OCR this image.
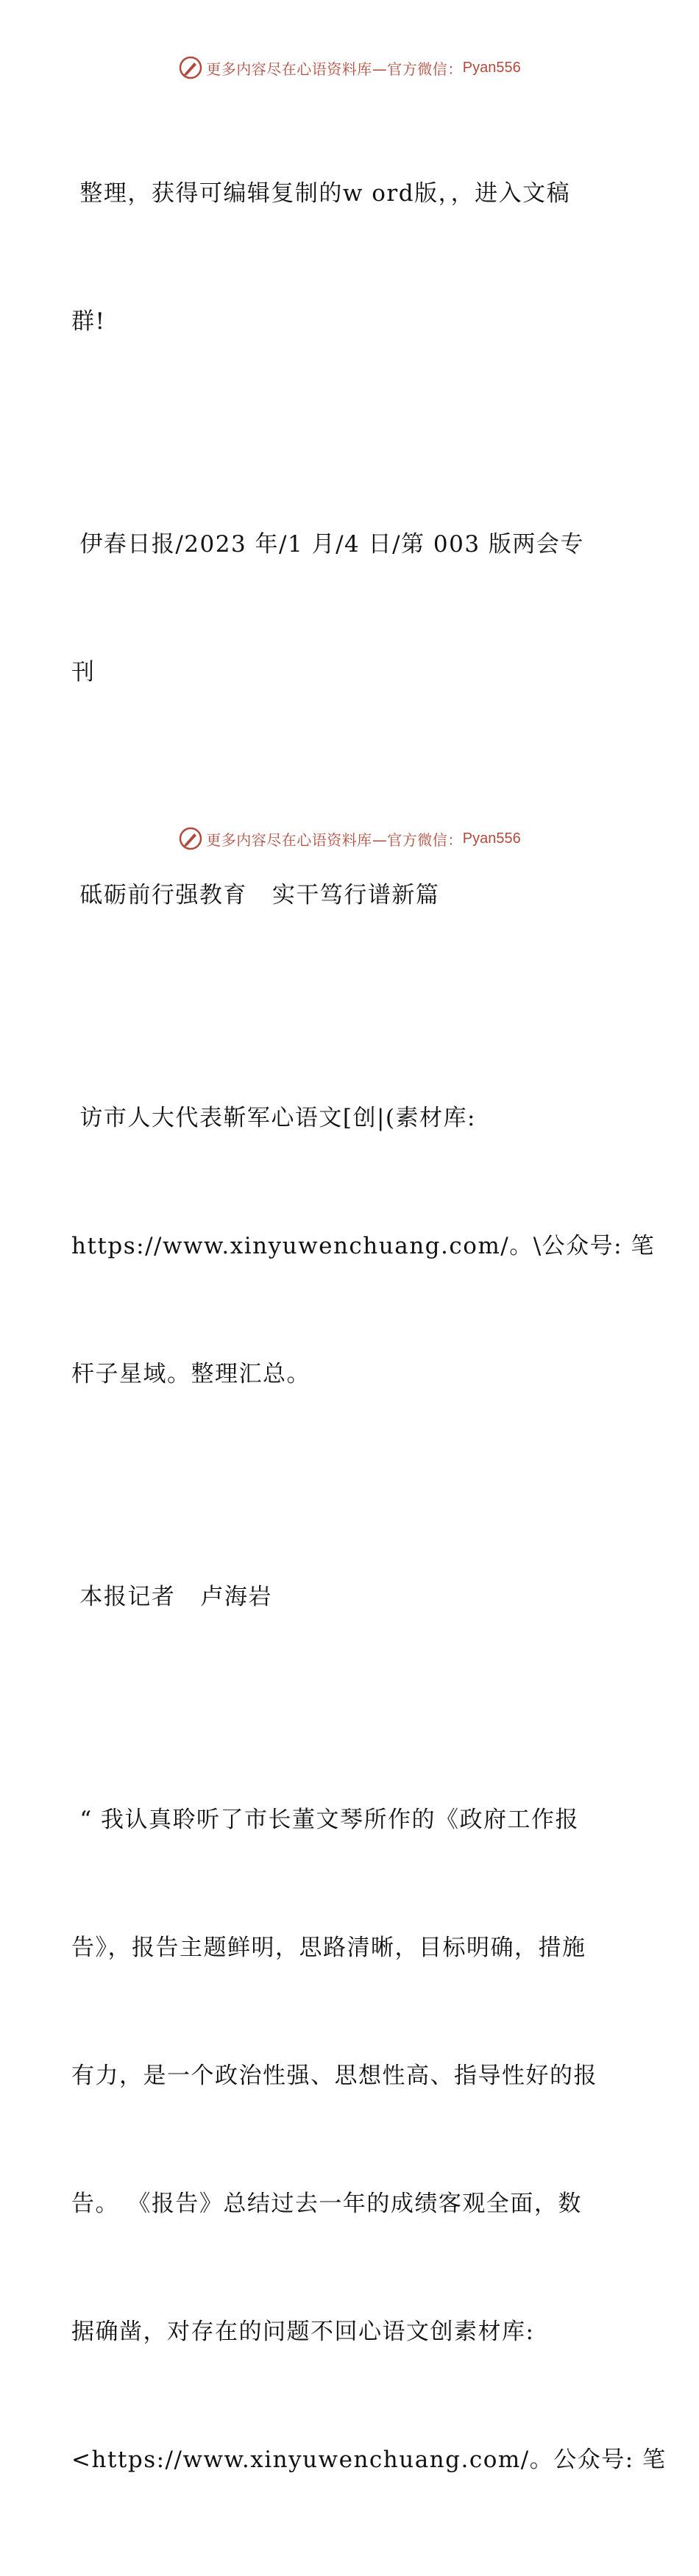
更多内容尽在心语资料库—官方微信： Pyan556

整理，获得可编辑复制的w ord版，，进入文稿

群!

伊春日报/2023 年/1 月/4 日/第 003 版两会专

刊

砥砺前行强教育   实干笃行谱新篇

访市人大代表靳军心语文[创|(素材库:

https://www.xinyuwenchuang.com/。\公众号: 笔

杆子星域。整理汇总。

本报记者   卢海岩

“ 我认真聆听了市长董文琴所作的《政府工作报

告》，报告主题鲜明，思路清晰，目标明确，措施

有力，是一个政治性强、思想性高、指导性好的报

告。 《报告》总结过去一年的成绩客观全面，数

据确凿，对存在的问题不回心语文创素材库:

<https://www.xinyuwenchuang.com/。公众号: 笔

更多内容尽在心语资料库—官方微信： Pyan556
